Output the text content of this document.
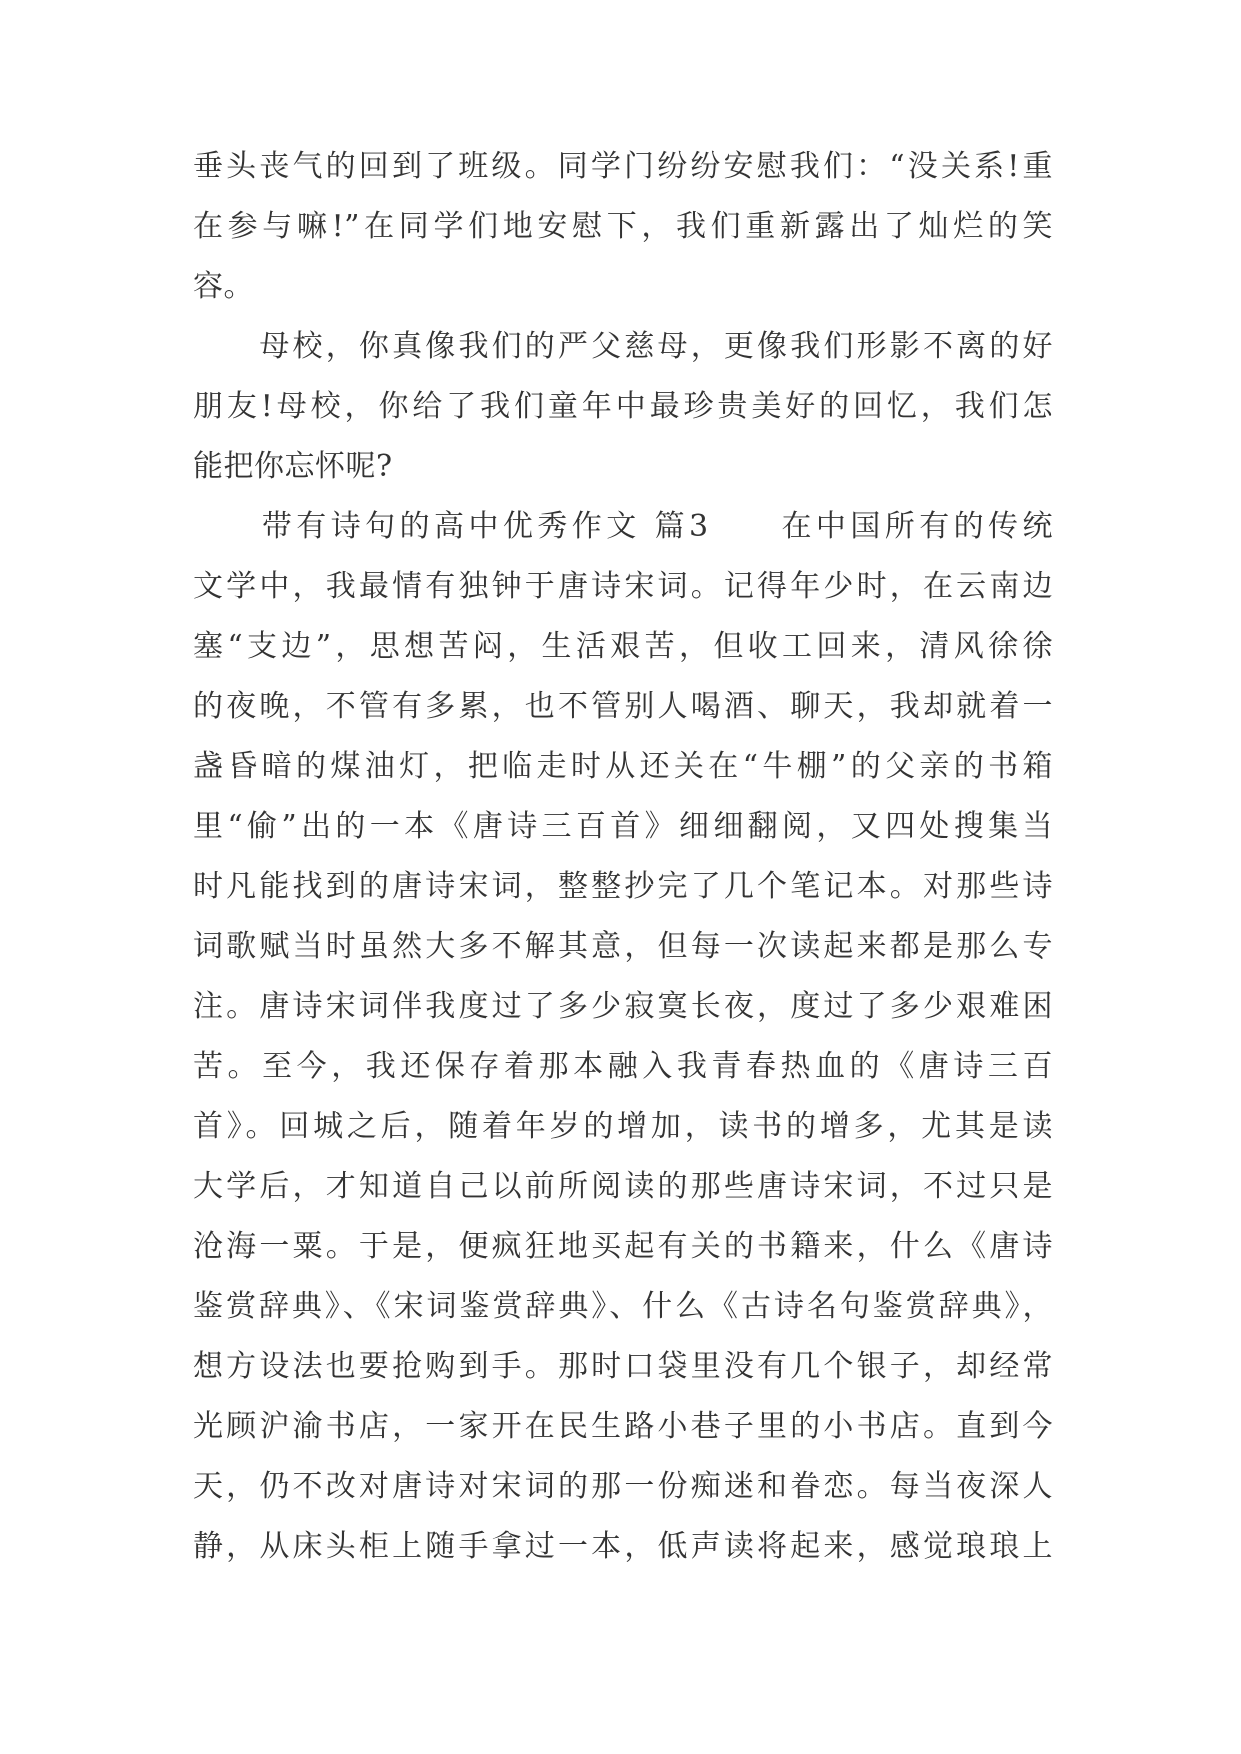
垂头丧气的回到了班级。同学门纷纷安慰我们：“没关系!重
在参与嘛!”在同学们地安慰下，我们重新露出了灿烂的笑
容。
　　母校，你真像我们的严父慈母，更像我们形影不离的好
朋友!母校，你给了我们童年中最珍贵美好的回忆，我们怎
能把你忘怀呢?
　　带有诗句的高中优秀作文 篇3　　在中国所有的传统
文学中，我最情有独钟于唐诗宋词。记得年少时，在云南边
塞“支边”，思想苦闷，生活艰苦，但收工回来，清风徐徐
的夜晚，不管有多累，也不管别人喝酒、聊天，我却就着一
盏昏暗的煤油灯，把临走时从还关在“牛棚”的父亲的书箱
里“偷”出的一本《唐诗三百首》细细翻阅，又四处搜集当
时凡能找到的唐诗宋词，整整抄完了几个笔记本。对那些诗
词歌赋当时虽然大多不解其意，但每一次读起来都是那么专
注。唐诗宋词伴我度过了多少寂寞长夜，度过了多少艰难困
苦。至今，我还保存着那本融入我青春热血的《唐诗三百
首》。回城之后，随着年岁的增加，读书的增多，尤其是读
大学后，才知道自己以前所阅读的那些唐诗宋词，不过只是
沧海一粟。于是，便疯狂地买起有关的书籍来，什么《唐诗
鉴赏辞典》、《宋词鉴赏辞典》、什么《古诗名句鉴赏辞典》，
想方设法也要抢购到手。那时口袋里没有几个银子，却经常
光顾沪渝书店，一家开在民生路小巷子里的小书店。直到今
天，仍不改对唐诗对宋词的那一份痴迷和眷恋。每当夜深人
静，从床头柜上随手拿过一本，低声读将起来，感觉琅琅上
